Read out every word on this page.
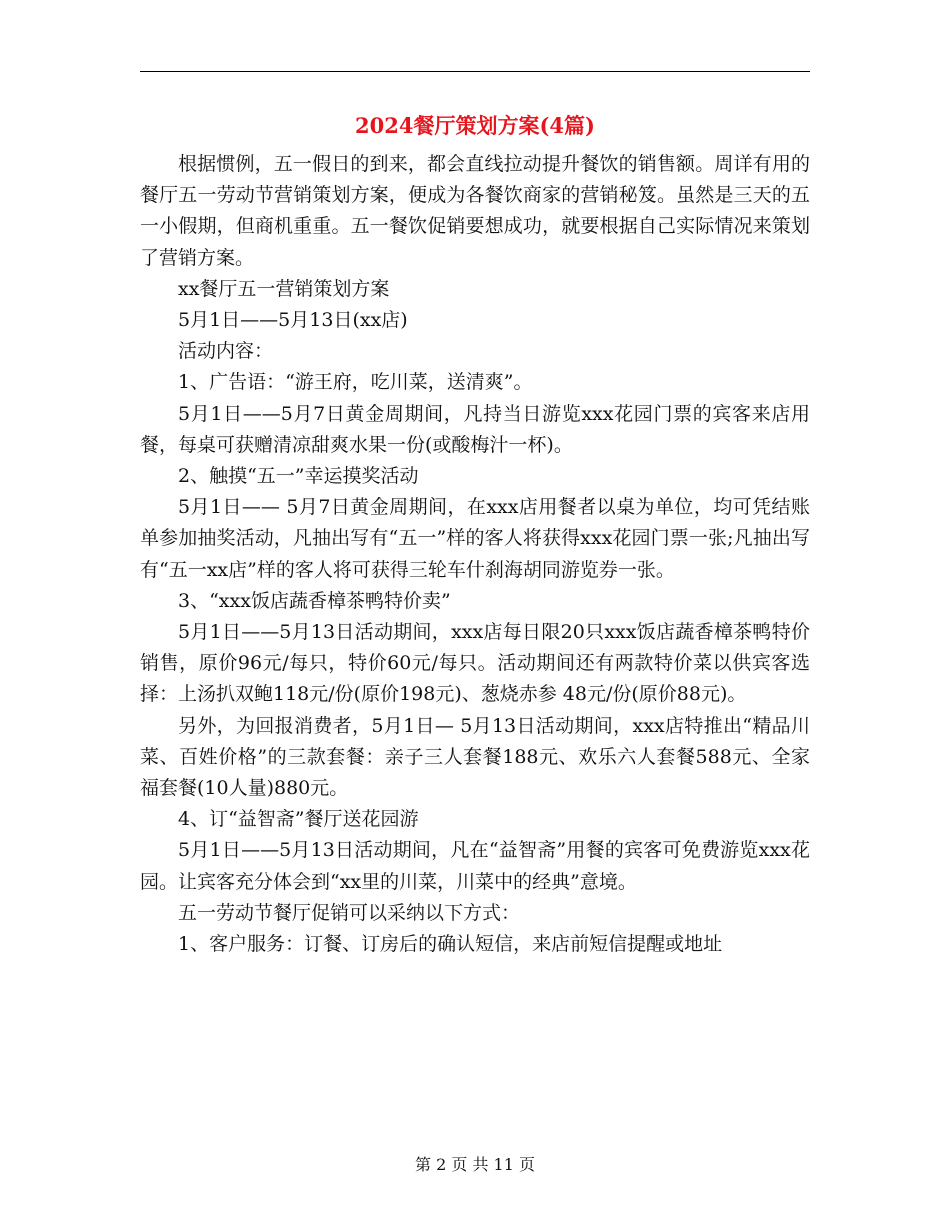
2024餐厅策划方案(4篇)

根据惯例，五一假日的到来，都会直线拉动提升餐饮的销售额。周详有用的餐厅五一劳动节营销策划方案，便成为各餐饮商家的营销秘笈。虽然是三天的五一小假期，但商机重重。五一餐饮促销要想成功，就要根据自己实际情况来策划了营销方案。

xx餐厅五一营销策划方案

5月1日——5月13日(xx店)

活动内容：

1、广告语：“游王府，吃川菜，送清爽”。

5月1日——5月7日黄金周期间，凡持当日游览xxx花园门票的宾客来店用餐，每桌可获赠清凉甜爽水果一份(或酸梅汁一杯)。

2、触摸“五一”幸运摸奖活动

5月1日—— 5月7日黄金周期间，在xxx店用餐者以桌为单位，均可凭结账单参加抽奖活动，凡抽出写有“五一”样的客人将获得xxx花园门票一张;凡抽出写有“五一xx店”样的客人将可获得三轮车什刹海胡同游览券一张。

3、“xxx饭店蔬香樟茶鸭特价卖”

5月1日——5月13日活动期间，xxx店每日限20只xxx饭店蔬香樟茶鸭特价销售，原价96元/每只，特价60元/每只。活动期间还有两款特价菜以供宾客选择：上汤扒双鲍118元/份(原价198元)、葱烧赤参 48元/份(原价88元)。

另外，为回报消费者，5月1日— 5月13日活动期间，xxx店特推出“精品川菜、百姓价格”的三款套餐：亲子三人套餐188元、欢乐六人套餐588元、全家福套餐(10人量)880元。

4、订“益智斋”餐厅送花园游

5月1日——5月13日活动期间，凡在“益智斋”用餐的宾客可免费游览xxx花园。让宾客充分体会到“xx里的川菜，川菜中的经典”意境。

五一劳动节餐厅促销可以采纳以下方式：

1、客户服务：订餐、订房后的确认短信，来店前短信提醒或地址

第 2 页 共 11 页
